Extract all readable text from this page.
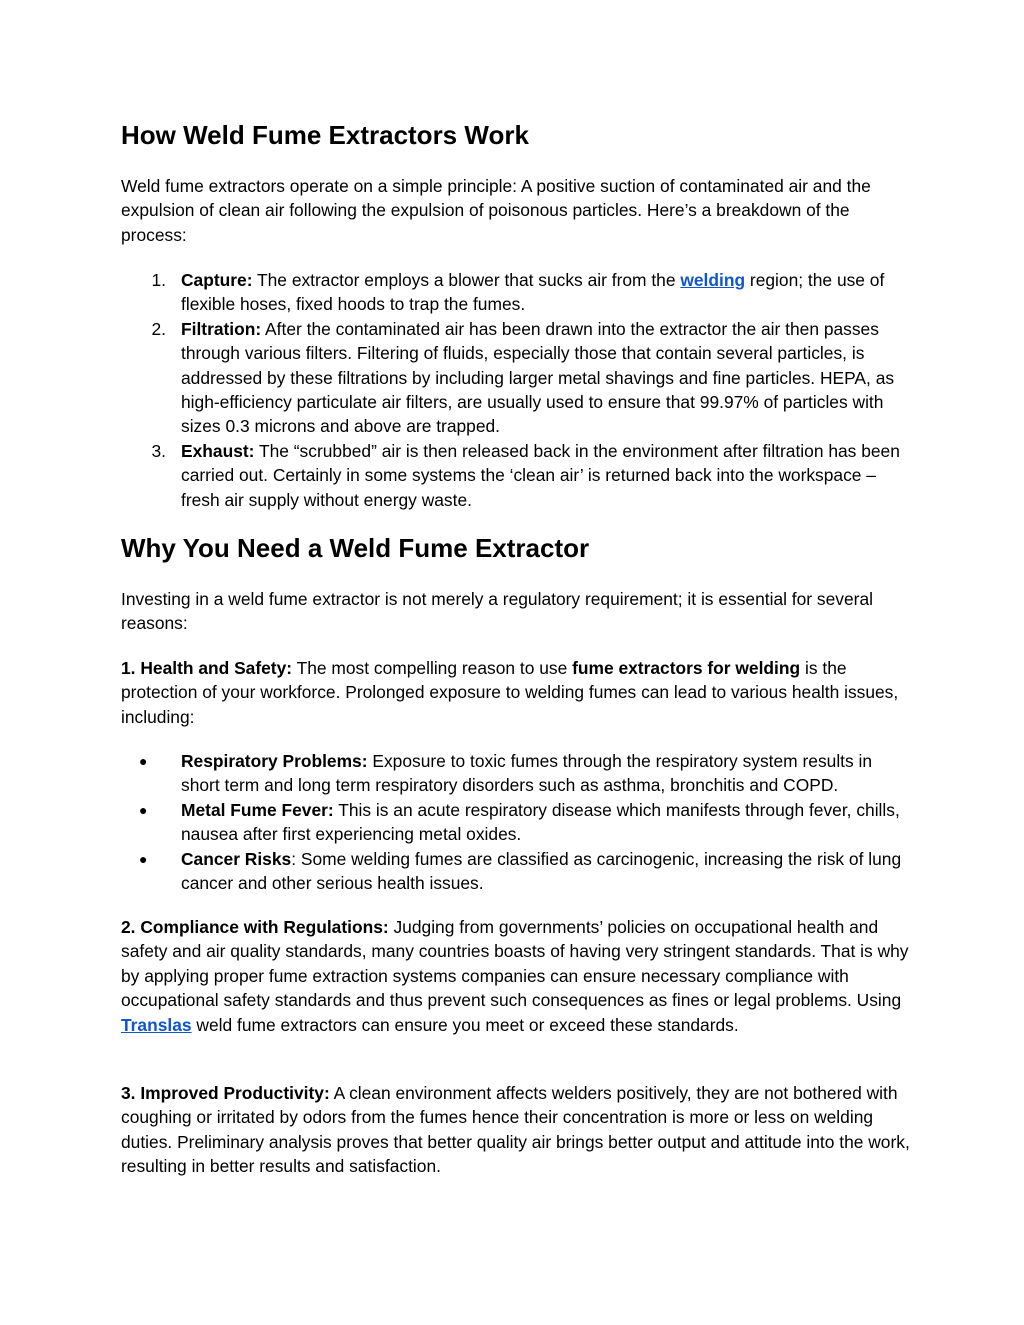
How Weld Fume Extractors Work

Weld fume extractors operate on a simple principle: A positive suction of contaminated air and the expulsion of clean air following the expulsion of poisonous particles. Here’s a breakdown of the process:

1. Capture: The extractor employs a blower that sucks air from the welding region; the use of flexible hoses, fixed hoods to trap the fumes.
2. Filtration: After the contaminated air has been drawn into the extractor the air then passes through various filters. Filtering of fluids, especially those that contain several particles, is addressed by these filtrations by including larger metal shavings and fine particles. HEPA, as high-efficiency particulate air filters, are usually used to ensure that 99.97% of particles with sizes 0.3 microns and above are trapped.
3. Exhaust: The “scrubbed” air is then released back in the environment after filtration has been carried out. Certainly in some systems the ‘clean air’ is returned back into the workspace – fresh air supply without energy waste.
Why You Need a Weld Fume Extractor

Investing in a weld fume extractor is not merely a regulatory requirement; it is essential for several reasons:

1. Health and Safety: The most compelling reason to use fume extractors for welding is the protection of your workforce. Prolonged exposure to welding fumes can lead to various health issues, including:

● Respiratory Problems: Exposure to toxic fumes through the respiratory system results in short term and long term respiratory disorders such as asthma, bronchitis and COPD.
● Metal Fume Fever: This is an acute respiratory disease which manifests through fever, chills, nausea after first experiencing metal oxides.
● Cancer Risks: Some welding fumes are classified as carcinogenic, increasing the risk of lung cancer and other serious health issues.

2. Compliance with Regulations: Judging from governments’ policies on occupational health and safety and air quality standards, many countries boasts of having very stringent standards. That is why by applying proper fume extraction systems companies can ensure necessary compliance with occupational safety standards and thus prevent such consequences as fines or legal problems. Using Translas weld fume extractors can ensure you meet or exceed these standards.

3. Improved Productivity: A clean environment affects welders positively, they are not bothered with coughing or irritated by odors from the fumes hence their concentration is more or less on welding duties. Preliminary analysis proves that better quality air brings better output and attitude into the work, resulting in better results and satisfaction.
